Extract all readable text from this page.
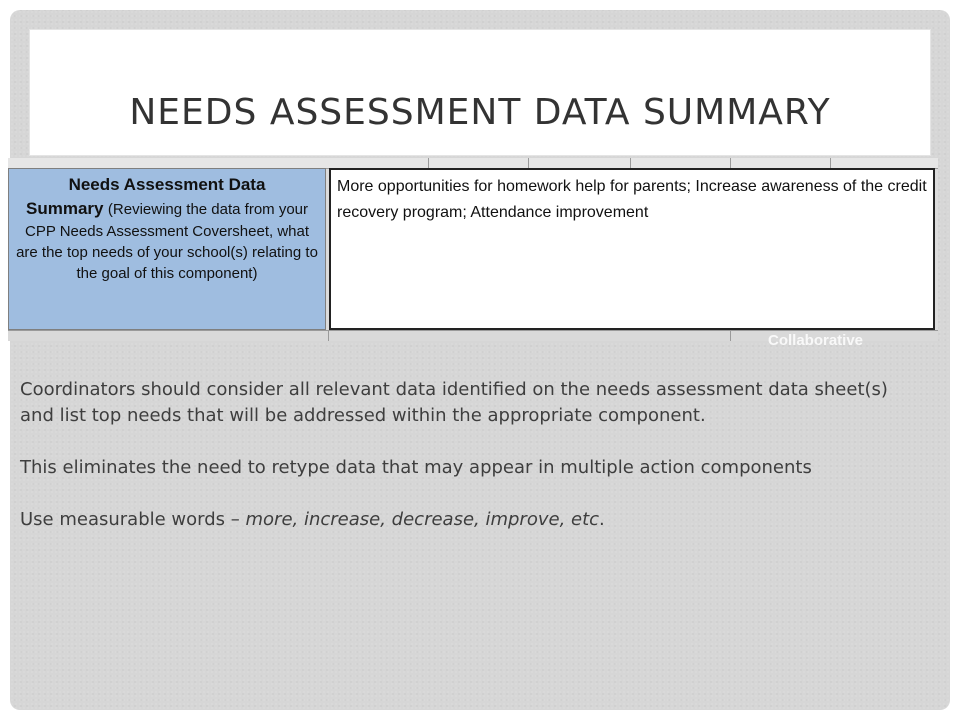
NEEDS ASSESSMENT DATA SUMMARY
Needs Assessment Data
Summary (Reviewing the data from your CPP Needs Assessment Coversheet, what are the top needs of your school(s) relating to the goal of this component)
More opportunities for homework help for parents; Increase awareness of the credit recovery program; Attendance improvement
Collaborative

Coordinators should consider all relevant data identified on the needs assessment data sheet(s) and list top needs that will be addressed within the appropriate component.

This eliminates the need to retype data that may appear in multiple action components

Use measurable words – more, increase, decrease, improve, etc.
